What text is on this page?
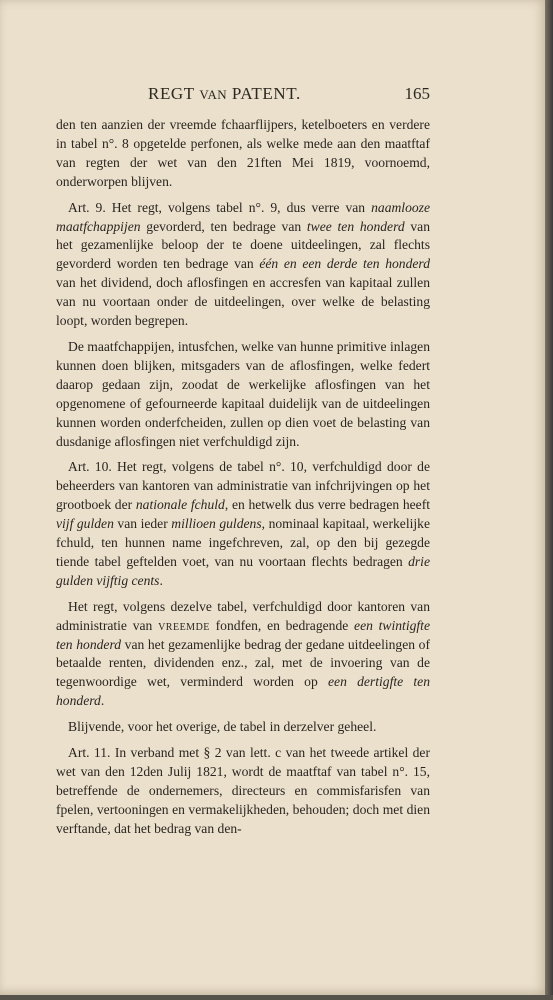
REGT VAN PATENT.	165

den ten aanzien der vreemde fchaarflijpers, ketelboeters en verdere in tabel n°. 8 opgetelde perfonen, als welke mede aan den maatftaf van regten der wet van den 21ften Mei 1819, voornoemd, onderworpen blijven.

Art. 9. Het regt, volgens tabel n°. 9, dus verre van naamlooze maatfchappijen gevorderd, ten bedrage van twee ten honderd van het gezamenlijke beloop der te doene uitdeelingen, zal flechts gevorderd worden ten bedrage van één en een derde ten honderd van het dividend, doch aflosfingen en accresfen van kapitaal zullen van nu voortaan onder de uitdeelingen, over welke de belasting loopt, worden begrepen.

De maatfchappijen, intusfchen, welke van hunne primitive inlagen kunnen doen blijken, mitsgaders van de aflosfingen, welke federt daarop gedaan zijn, zoodat de werkelijke aflosfingen van het opgenomene of gefourneerde kapitaal duidelijk van de uitdeelingen kunnen worden onderfcheiden, zullen op dien voet de belasting van dusdanige aflosfingen niet verfchuldigd zijn.

Art. 10. Het regt, volgens de tabel n°. 10, verfchuldigd door de beheerders van kantoren van administratie van infchrijvingen op het grootboek der nationale fchuld, en hetwelk dus verre bedragen heeft vijf gulden van ieder millioen guldens, nominaal kapitaal, werkelijke fchuld, ten hunnen name ingefchreven, zal, op den bij gezegde tiende tabel geftelden voet, van nu voortaan flechts bedragen drie gulden vijftig cents.

Het regt, volgens dezelve tabel, verfchuldigd door kantoren van administratie van vreemde fondfen, en bedragende een twintigfte ten honderd van het gezamenlijke bedrag der gedane uitdeelingen of betaalde renten, dividenden enz., zal, met de invoering van de tegenwoordige wet, verminderd worden op een dertigfte ten honderd.

Blijvende, voor het overige, de tabel in derzelver geheel.

Art. 11. In verband met § 2 van lett. c van het tweede artikel der wet van den 12den Julij 1821, wordt de maatftaf van tabel n°. 15, betreffende de ondernemers, directeurs en commisfarisfen van fpelen, vertooningen en vermakelijkheden, behouden; doch met dien verftande, dat het bedrag van den-
